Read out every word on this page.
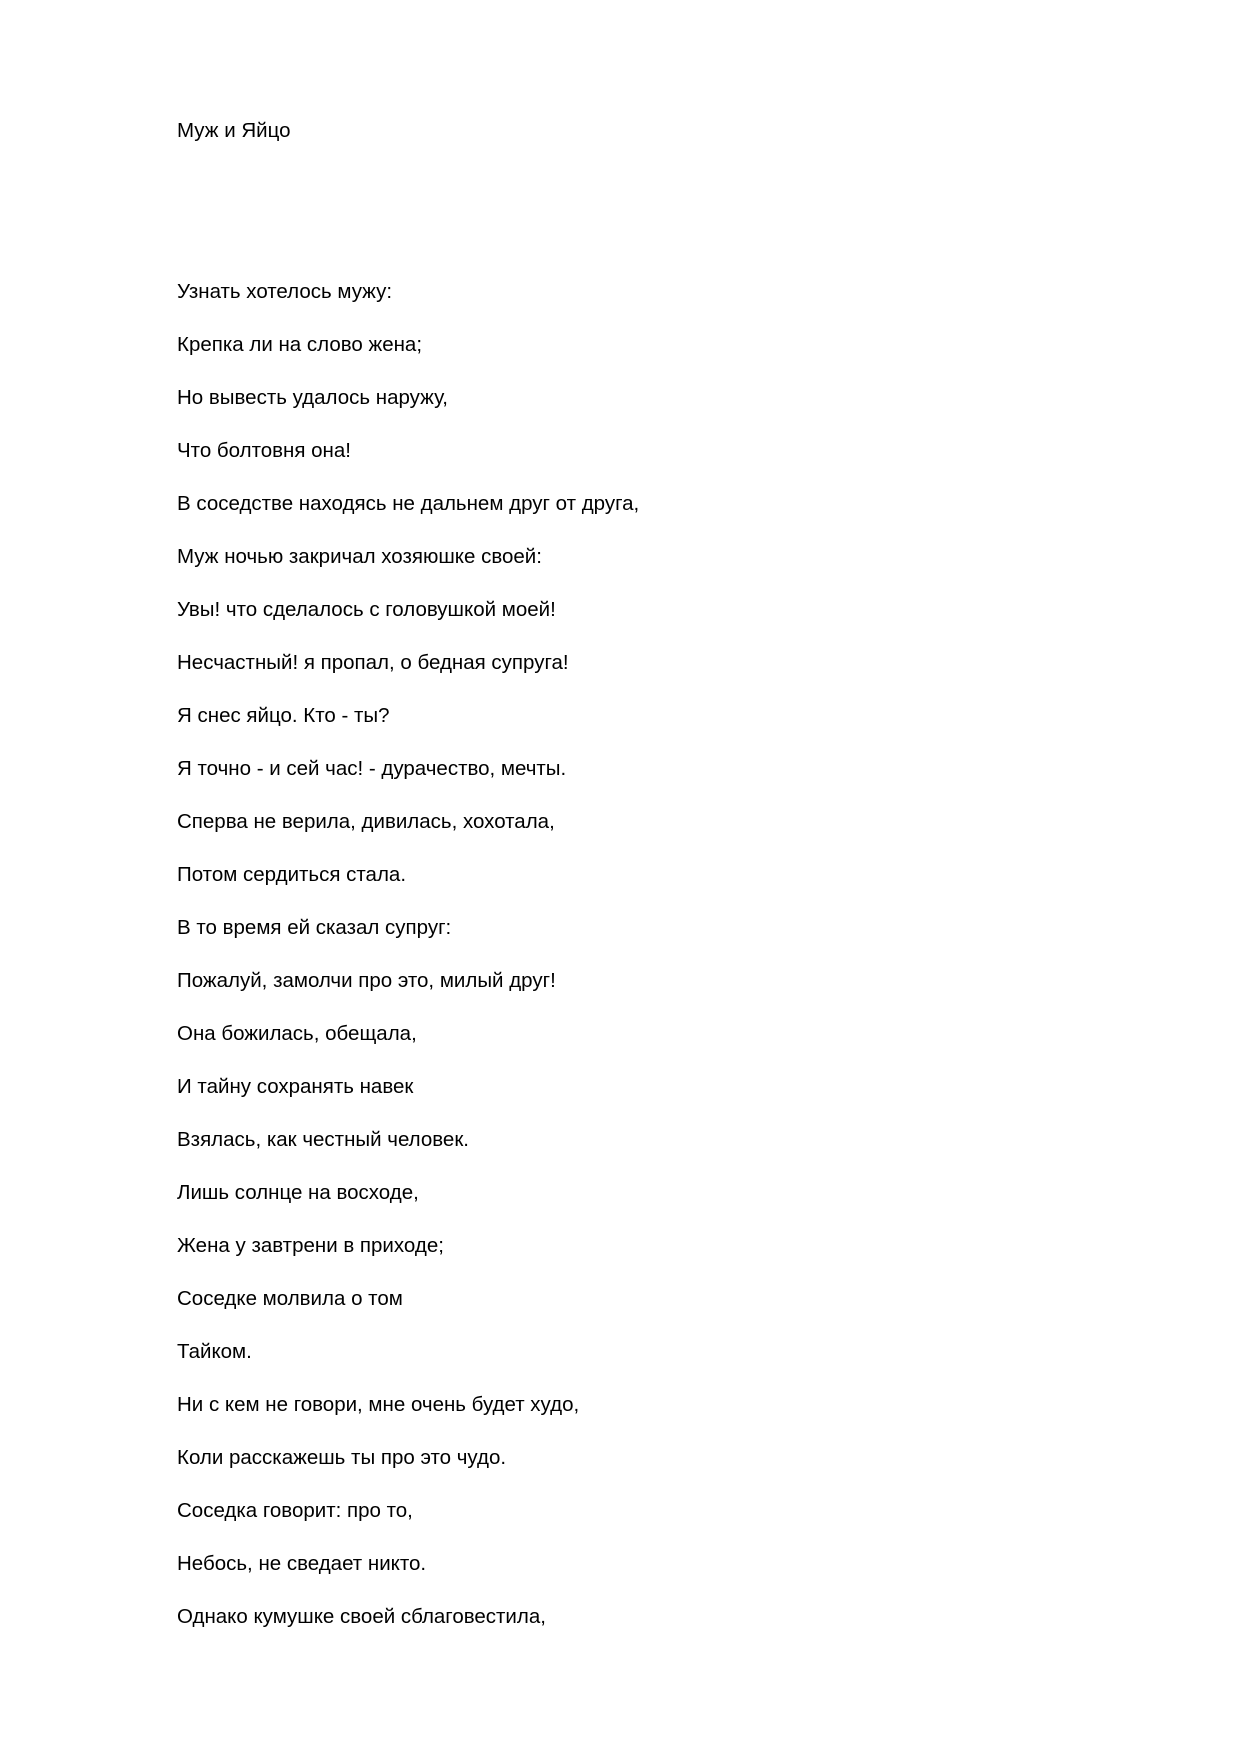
Муж и Яйцо
Узнать хотелось мужу:
Крепка ли на слово жена;
Но вывесть удалось наружу,
Что болтовня она!
В соседстве находясь не дальнем друг от друга,
Муж ночью закричал хозяюшке своей:
Увы! что сделалось с головушкой моей!
Несчастный! я пропал, о бедная супруга!
Я снес яйцо. Кто - ты?
Я точно - и сей час! - дурачество, мечты.
Сперва не верила, дивилась, хохотала,
Потом сердиться стала.
В то время ей сказал супруг:
Пожалуй, замолчи про это, милый друг!
Она божилась, обещала,
И тайну сохранять навек
Взялась, как честный человек.
Лишь солнце на восходе,
Жена у завтрени в приходе;
Соседке молвила о том
Тайком.
Ни с кем не говори, мне очень будет худо,
Коли расскажешь ты про это чудо.
Соседка говорит: про то,
Небось, не сведает никто.
Однако кумушке своей сблаговестила,
